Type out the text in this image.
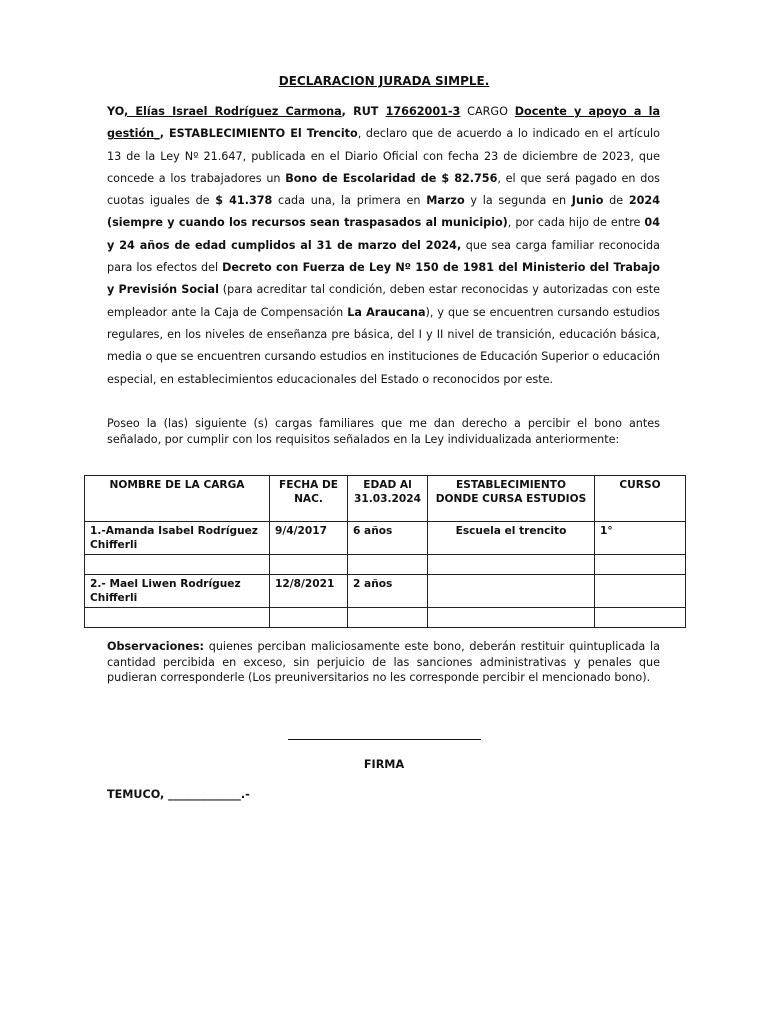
DECLARACION JURADA SIMPLE.
YO, Elías Israel Rodríguez Carmona, RUT 17662001-3 CARGO Docente y apoyo a la gestión_, ESTABLECIMIENTO El Trencito, declaro que de acuerdo a lo indicado en el artículo 13 de la Ley Nº 21.647, publicada en el Diario Oficial con fecha 23 de diciembre de 2023, que concede a los trabajadores un Bono de Escolaridad de $ 82.756, el que será pagado en dos cuotas iguales de $ 41.378 cada una, la primera en Marzo y la segunda en Junio de 2024 (siempre y cuando los recursos sean traspasados al municipio), por cada hijo de entre 04 y 24 años de edad cumplidos al 31 de marzo del 2024, que sea carga familiar reconocida para los efectos del Decreto con Fuerza de Ley Nº 150 de 1981 del Ministerio del Trabajo y Previsión Social (para acreditar tal condición, deben estar reconocidas y autorizadas con este empleador ante la Caja de Compensación La Araucana), y que se encuentren cursando estudios regulares, en los niveles de enseñanza pre básica, del I y II nivel de transición, educación básica, media o que se encuentren cursando estudios en instituciones de Educación Superior o educación especial, en establecimientos educacionales del Estado o reconocidos por este.
Poseo la (las) siguiente (s) cargas familiares que me dan derecho a percibir el bono antes señalado, por cumplir con los requisitos señalados en la Ley individualizada anteriormente:
NOMBRE DE LA CARGA	FECHA DE NAC.	EDAD Al 31.03.2024	ESTABLECIMIENTO DONDE CURSA ESTUDIOS	CURSO
1.-Amanda Isabel Rodríguez Chifferli	9/4/2017	6 años	Escuela el trencito	1°

2.- Mael Liwen Rodríguez Chifferli	12/8/2021	2 años		

Observaciones: quienes perciban maliciosamente este bono, deberán restituir quintuplicada la cantidad percibida en exceso, sin perjuicio de las sanciones administrativas y penales que pudieran corresponderle (Los preuniversitarios no les corresponde percibir el mencionado bono).
FIRMA
TEMUCO, _____________.-
